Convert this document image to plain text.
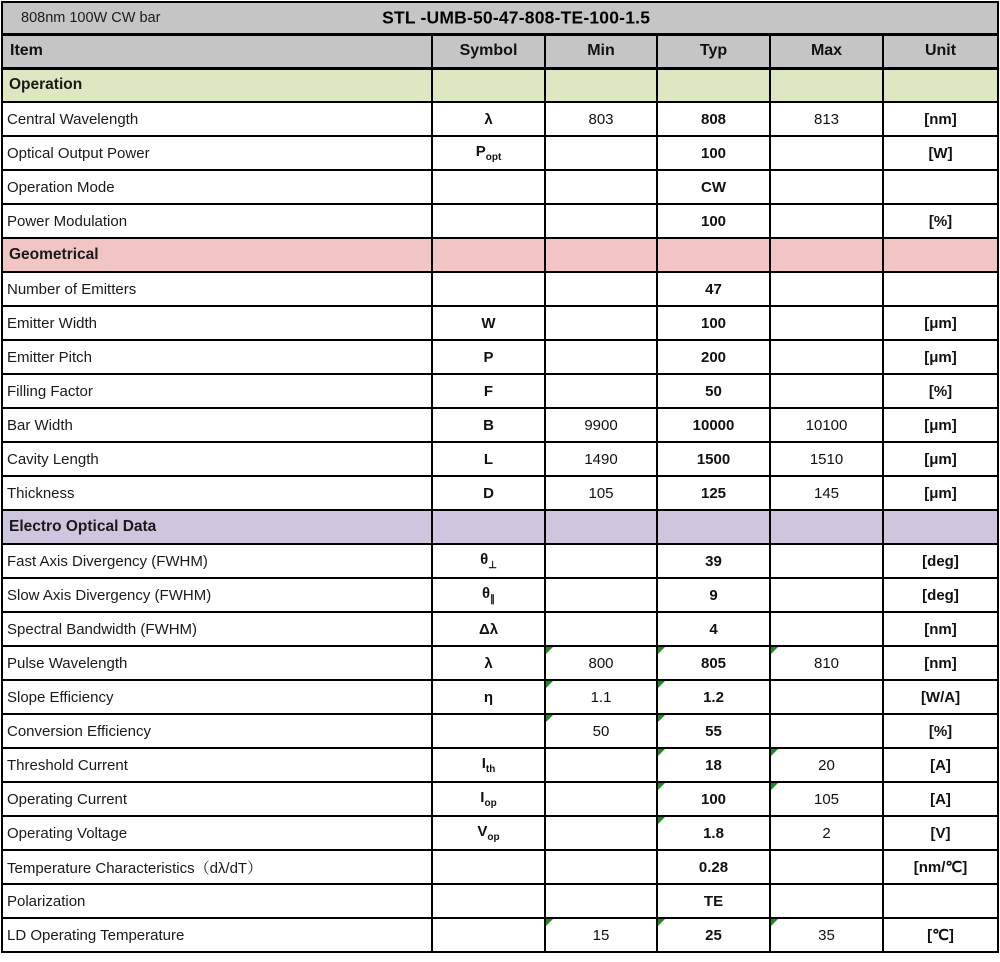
808nm 100W CW bar STL -UMB-50-47-808-TE-100-1.5					

Item	Symbol	Min	Typ	Max	Unit
Operation					
Central Wavelength	λ	803	808	813	[nm]
Optical Output Power	$P_{opt}$		100		[W]
Operation Mode			CW		
Power Modulation			100		[%]
Geometrical					
Number of Emitters			47		
Emitter Width	W		100		[μm]
Emitter Pitch	P		200		[μm]
Filling Factor	F		50		[%]
Bar Width	B	9900	10000	10100	[μm]
Cavity Length	L	1490	1500	1510	[μm]
Thickness	D	105	125	145	[μm]
Electro Optical Data					
Fast Axis Divergency (FWHM)	$\theta_\perp$		39		[deg]
Slow Axis Divergency (FWHM)	$\theta_\parallel$		9		[deg]
Spectral Bandwidth (FWHM)	Δλ		4		[nm]
Pulse Wavelength	λ	800	805	810	[nm]
Slope Efficiency	η	1.1	1.2		[W/A]
Conversion Efficiency		50	55		[%]
Threshold Current	$I_{th}$		18	20	[A]
Operating Current	$I_{op}$		100	105	[A]
Operating Voltage	$V_{op}$		1.8	2	[V]
Temperature Characteristics（dλ/dT）			0.28		[nm/℃]
Polarization			TE		
LD Operating Temperature		15	25	35	[℃]
